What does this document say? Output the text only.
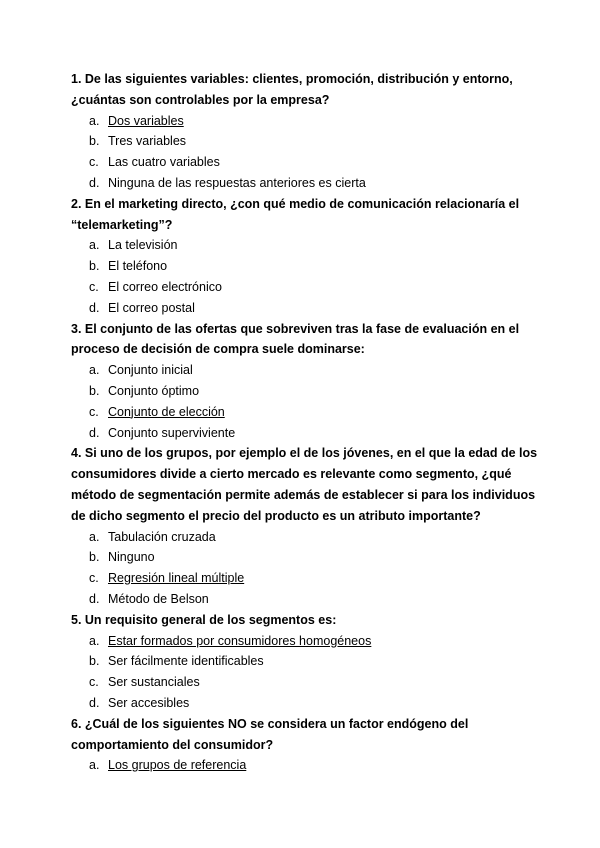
1. De las siguientes variables: clientes, promoción, distribución y entorno, ¿cuántas son controlables por la empresa?

a. Dos variables
b. Tres variables
c. Las cuatro variables
d. Ninguna de las respuestas anteriores es cierta

2. En el marketing directo, ¿con qué medio de comunicación relacionaría el “telemarketing”?

a. La televisión
b. El teléfono
c. El correo electrónico
d. El correo postal

3. El conjunto de las ofertas que sobreviven tras la fase de evaluación en el proceso de decisión de compra suele dominarse:

a. Conjunto inicial
b. Conjunto óptimo
c. Conjunto de elección
d. Conjunto superviviente

4. Si uno de los grupos, por ejemplo el de los jóvenes, en el que la edad de los consumidores divide a cierto mercado es relevante como segmento, ¿qué método de segmentación permite además de establecer si para los individuos de dicho segmento el precio del producto es un atributo importante?

a. Tabulación cruzada
b. Ninguno
c. Regresión lineal múltiple
d. Método de Belson

5. Un requisito general de los segmentos es:

a. Estar formados por consumidores homogéneos
b. Ser fácilmente identificables
c. Ser sustanciales
d. Ser accesibles

6. ¿Cuál de los siguientes NO se considera un factor endógeno del comportamiento del consumidor?

a. Los grupos de referencia
